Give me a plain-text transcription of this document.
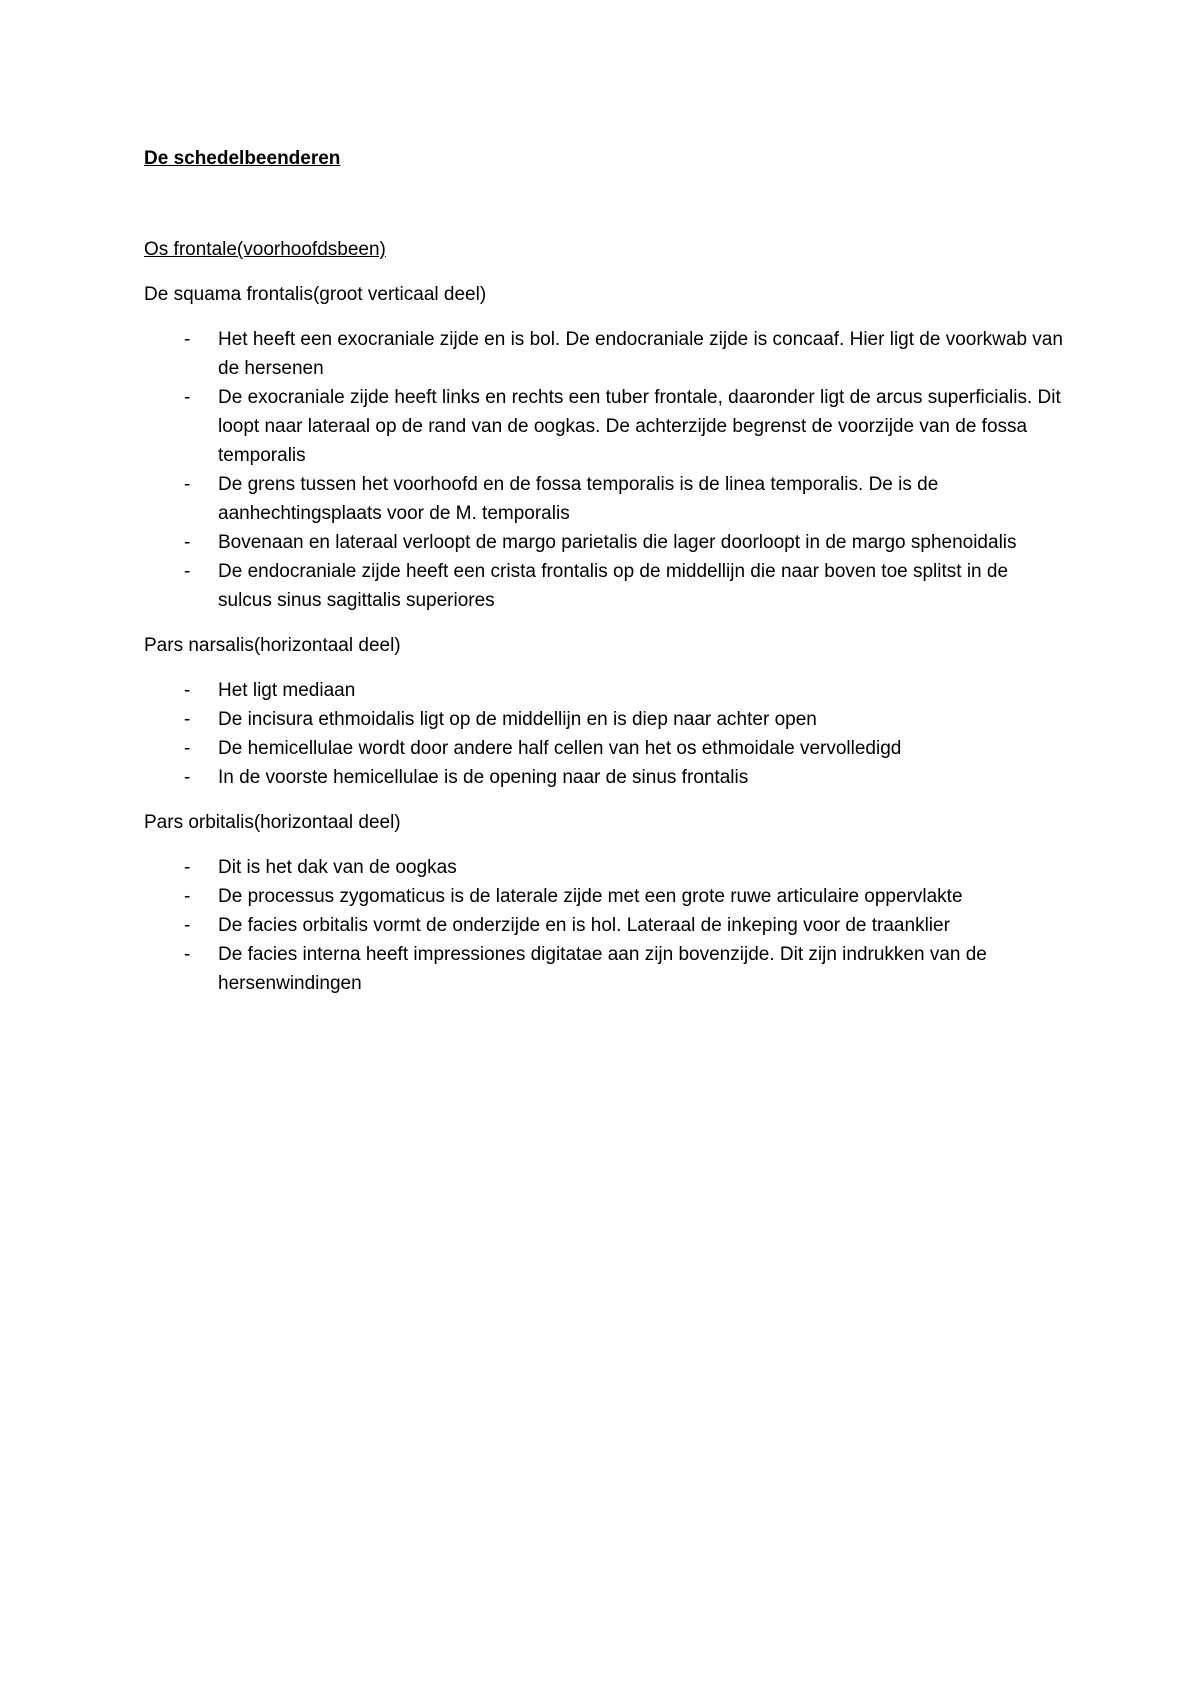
De schedelbeenderen

Os frontale(voorhoofdsbeen)

De squama frontalis(groot verticaal deel)

- Het heeft een exocraniale zijde en is bol. De endocraniale zijde is concaaf. Hier ligt de voorkwab van de hersenen
- De exocraniale zijde heeft links en rechts een tuber frontale, daaronder ligt de arcus superficialis. Dit loopt naar lateraal op de rand van de oogkas. De achterzijde begrenst de voorzijde van de fossa temporalis
- De grens tussen het voorhoofd en de fossa temporalis is de linea temporalis. De is de aanhechtingsplaats voor de M. temporalis
- Bovenaan en lateraal verloopt de margo parietalis die lager doorloopt in de margo sphenoidalis
- De endocraniale zijde heeft een crista frontalis op de middellijn die naar boven toe splitst in de sulcus sinus sagittalis superiores

Pars narsalis(horizontaal deel)

- Het ligt mediaan
- De incisura ethmoidalis ligt op de middellijn en is diep naar achter open
- De hemicellulae wordt door andere half cellen van het os ethmoidale vervolledigd
- In de voorste hemicellulae is de opening naar de sinus frontalis

Pars orbitalis(horizontaal deel)

- Dit is het dak van de oogkas
- De processus zygomaticus is de laterale zijde met een grote ruwe articulaire oppervlakte
- De facies orbitalis vormt de onderzijde en is hol. Lateraal de inkeping voor de traanklier
- De facies interna heeft impressiones digitatae aan zijn bovenzijde. Dit zijn indrukken van de hersenwindingen
